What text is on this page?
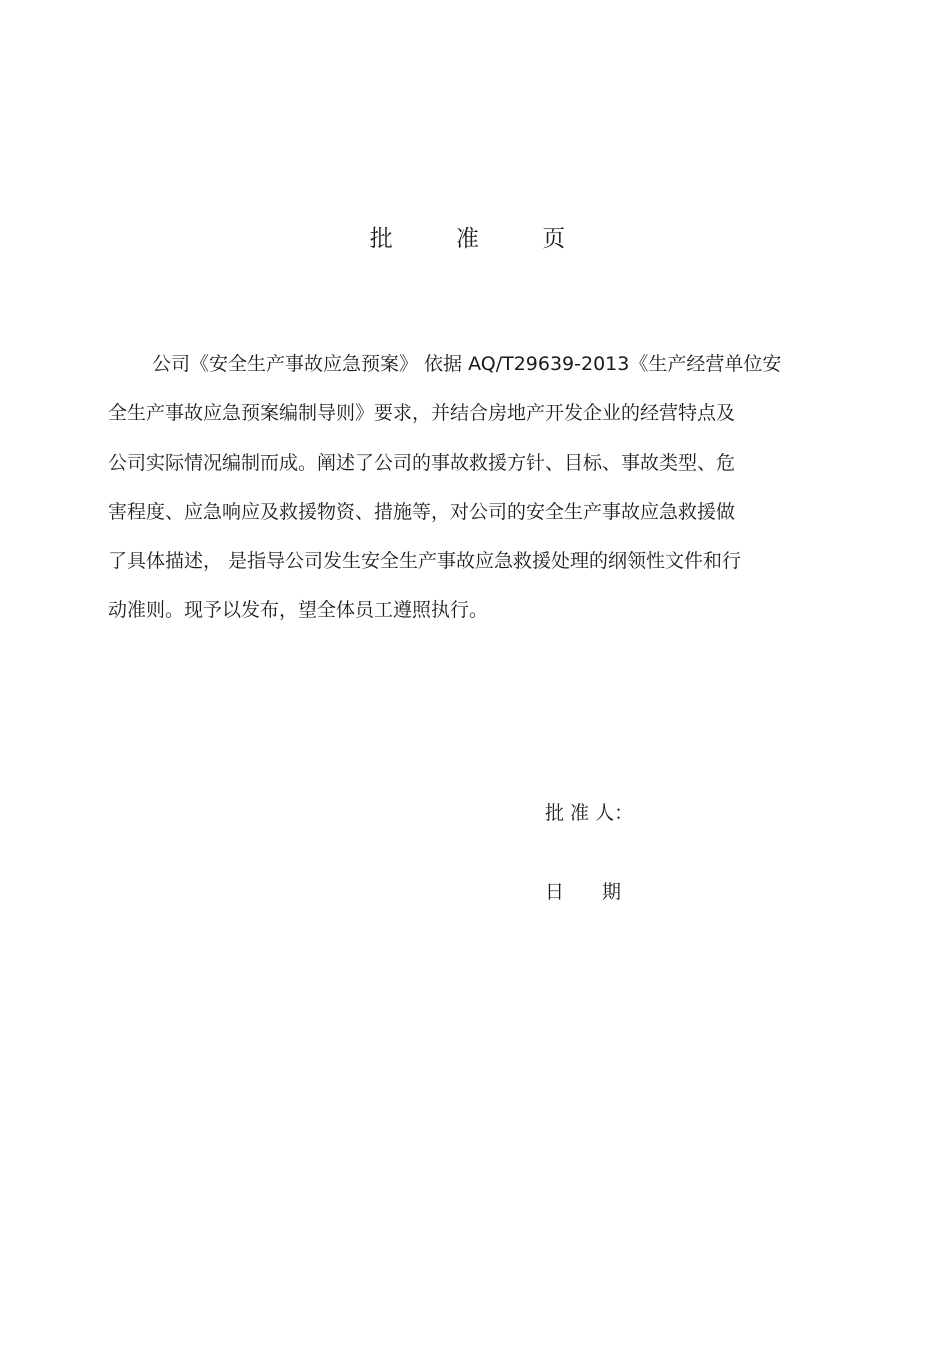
批 准 页
公司《安全生产事故应急预案》 依据 AQ/T29639-2013《生产经营单位安
全生产事故应急预案编制导则》要求，并结合房地产开发企业的经营特点及
公司实际情况编制而成。阐述了公司的事故救援方针、目标、事故类型、危
害程度、应急响应及救援物资、措施等，对公司的安全生产事故应急救援做
了具体描述， 是指导公司发生安全生产事故应急救援处理的纲领性文件和行
动准则。现予以发布，望全体员工遵照执行。
批 准 人：
日　　期
